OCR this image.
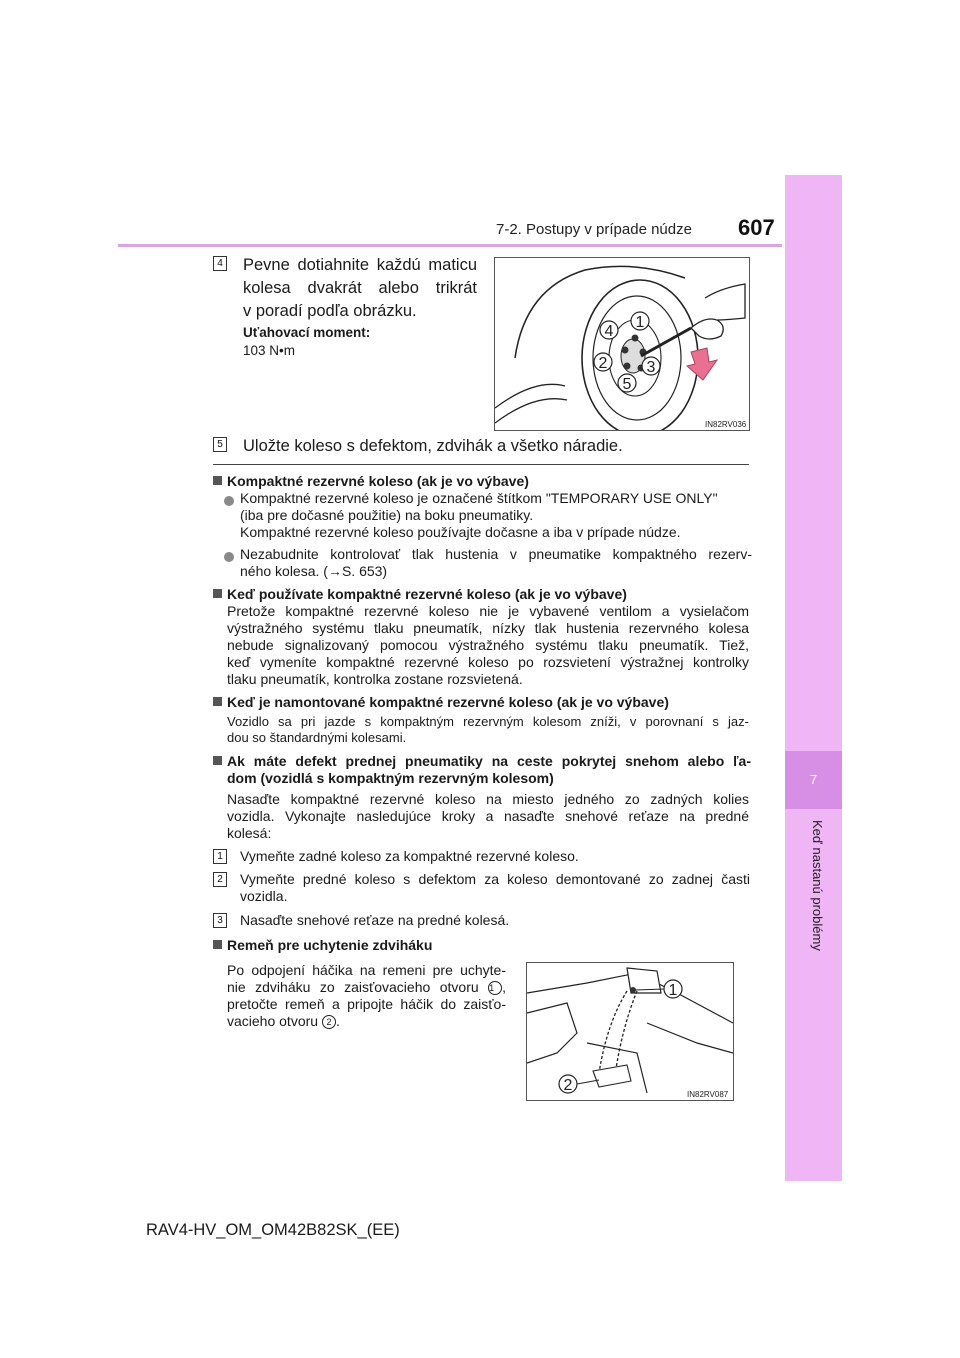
7-2. Postupy v prípade núdze 607
7
Keď nastanú problémy
4 Pevne dotiahnite každú maticu
kolesa dvakrát alebo trikrát
v poradí podľa obrázku.
Uťahovací moment:
103 N•m
4
1
2 3
5
IN82RV036
5 Uložte koleso s defektom, zdvihák a všetko náradie.
Kompaktné rezervné koleso (ak je vo výbave)
Kompaktné rezervné koleso je označené štítkom "TEMPORARY USE ONLY"
(iba pre dočasné použitie) na boku pneumatiky.
Kompaktné rezervné koleso používajte dočasne a iba v prípade núdze.
Nezabudnite kontrolovať tlak hustenia v pneumatike kompaktného rezerv-
ného kolesa. (→S. 653)
Keď používate kompaktné rezervné koleso (ak je vo výbave)
Pretože kompaktné rezervné koleso nie je vybavené ventilom a vysielačom
výstražného systému tlaku pneumatík, nízky tlak hustenia rezervného kolesa
nebude signalizovaný pomocou výstražného systému tlaku pneumatík. Tiež,
keď vymeníte kompaktné rezervné koleso po rozsvietení výstražnej kontrolky
tlaku pneumatík, kontrolka zostane rozsvietená.
Keď je namontované kompaktné rezervné koleso (ak je vo výbave)
Vozidlo sa pri jazde s kompaktným rezervným kolesom zníži, v porovnaní s jaz-
dou so štandardnými kolesami.
Ak máte defekt prednej pneumatiky na ceste pokrytej snehom alebo ľa-
dom (vozidlá s kompaktným rezervným kolesom)
Nasaďte kompaktné rezervné koleso na miesto jedného zo zadných kolies
vozidla. Vykonajte nasledujúce kroky a nasaďte snehové reťaze na predné
kolesá:
1	Vymeňte zadné koleso za kompaktné rezervné koleso.
2	Vymeňte predné koleso s defektom za koleso demontované zo zadnej časti
vozidla.
3	Nasaďte snehové reťaze na predné kolesá.
Remeň pre uchytenie zdviháku
Po odpojení háčika na remeni pre uchyte-
nie zdviháku zo zaisťovacieho otvoru 1 ,
pretočte remeň a pripojte háčik do zaisťo-
vacieho otvoru 2 .
1
2
IN82RV087
RAV4-HV_OM_OM42B82SK_(EE)
